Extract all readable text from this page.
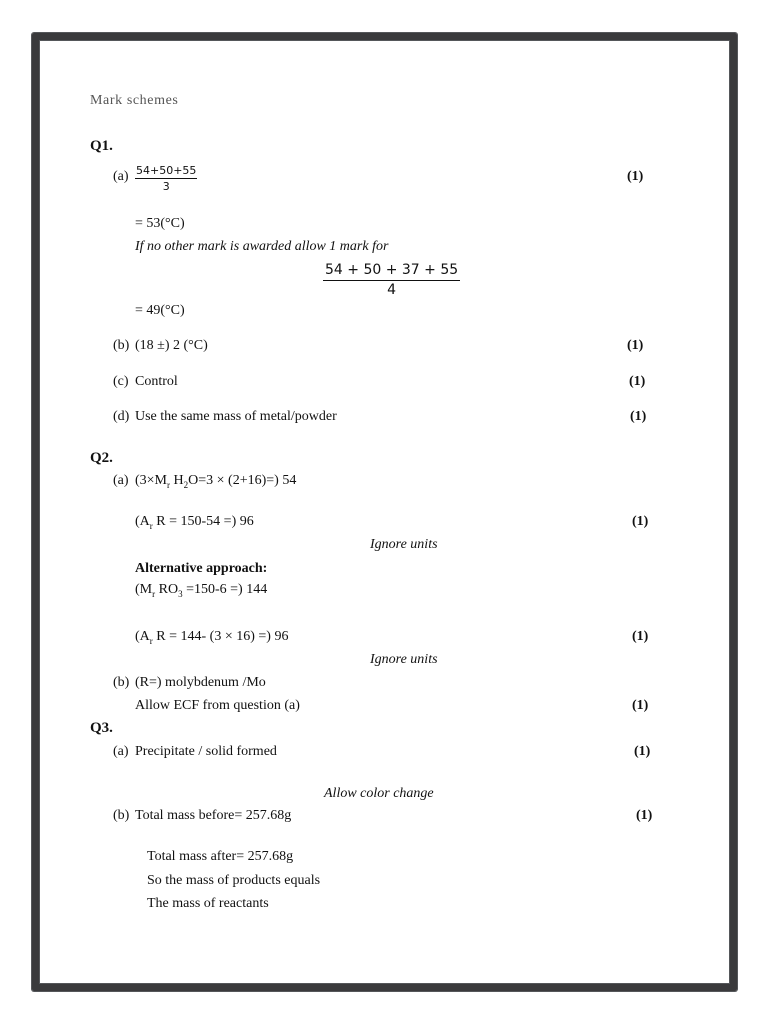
Mark schemes
Q1.
$(a) \frac{54+50+55}{3}$	(1)
= 53(°C)
If no other mark is awarded allow 1 mark for
$\frac{54 + 50 + 37 + 55}{4}$
= 49(°C)
(b) (18 ±) 2 (°C)	(1)
(c) Control	(1)
(d) Use the same mass of metal/powder	(1)
Q2.
(a) ($3\times M_r$ $H_2O=3 \times (2+16)=$) 54
($A_r$ R = 150-54 =) 96	(1)
Ignore units
Alternative approach:
($M_r$ $RO_3 =150-6$ =) 144
($A_r$ R = 144- (3 × 16) =) 96	(1)
Ignore units
(b) (R=) molybdenum /Mo
Allow ECF from question (a)	(1)
Q3.
(a) Precipitate / solid formed	(1)
Allow color change
(b) Total mass before= 257.68g	(1)
Total mass after= 257.68g
So the mass of products equals
The mass of reactants
